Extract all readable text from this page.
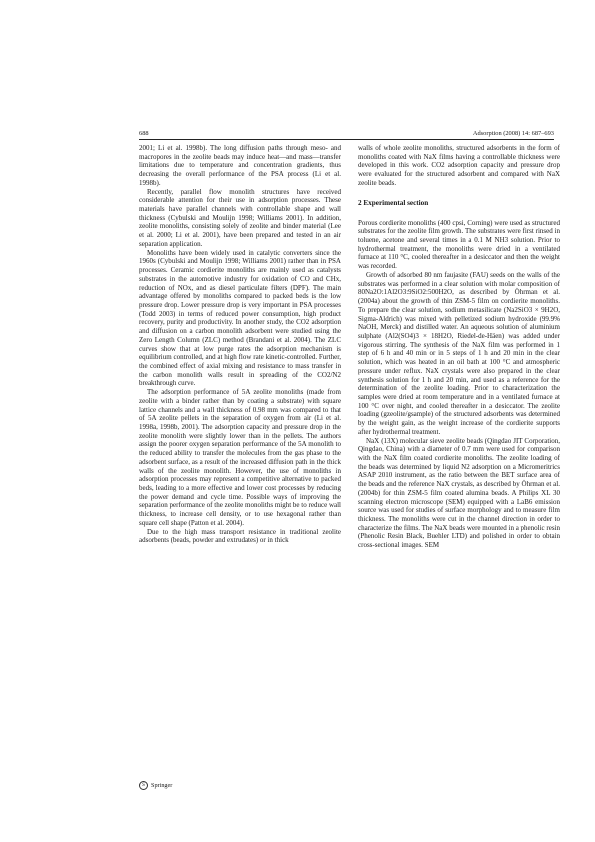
688	Adsorption (2008) 14: 687–693

2001; Li et al. 1998b). The long diffusion paths through meso- and macropores in the zeolite beads may induce heat—and mass—transfer limitations due to temperature and concentration gradients, thus decreasing the overall performance of the PSA process (Li et al. 1998b).

Recently, parallel flow monolith structures have received considerable attention for their use in adsorption processes. These materials have parallel channels with controllable shape and wall thickness (Cybulski and Moulijn 1998; Williams 2001). In addition, zeolite monoliths, consisting solely of zeolite and binder material (Lee et al. 2000; Li et al. 2001), have been prepared and tested in an air separation application.

Monoliths have been widely used in catalytic converters since the 1960s (Cybulski and Moulijn 1998; Williams 2001) rather than in PSA processes. Ceramic cordierite monoliths are mainly used as catalysts substrates in the automotive industry for oxidation of CO and CHx, reduction of NOx, and as diesel particulate filters (DPF). The main advantage offered by monoliths compared to packed beds is the low pressure drop. Lower pressure drop is very important in PSA processes (Todd 2003) in terms of reduced power consumption, high product recovery, purity and productivity. In another study, the CO2 adsorption and diffusion on a carbon monolith adsorbent were studied using the Zero Length Column (ZLC) method (Brandani et al. 2004). The ZLC curves show that at low purge rates the adsorption mechanism is equilibrium controlled, and at high flow rate kinetic-controlled. Further, the combined effect of axial mixing and resistance to mass transfer in the carbon monolith walls result in spreading of the CO2/N2 breakthrough curve.

The adsorption performance of 5A zeolite monoliths (made from zeolite with a binder rather than by coating a substrate) with square lattice channels and a wall thickness of 0.98 mm was compared to that of 5A zeolite pellets in the separation of oxygen from air (Li et al. 1998a, 1998b, 2001). The adsorption capacity and pressure drop in the zeolite monolith were slightly lower than in the pellets. The authors assign the poorer oxygen separation performance of the 5A monolith to the reduced ability to transfer the molecules from the gas phase to the adsorbent surface, as a result of the increased diffusion path in the thick walls of the zeolite monolith. However, the use of monoliths in adsorption processes may represent a competitive alternative to packed beds, leading to a more effective and lower cost processes by reducing the power demand and cycle time. Possible ways of improving the separation performance of the zeolite monoliths might be to reduce wall thickness, to increase cell density, or to use hexagonal rather than square cell shape (Patton et al. 2004).

Due to the high mass transport resistance in traditional zeolite adsorbents (beads, powder and extrudates) or in thick

walls of whole zeolite monoliths, structured adsorbents in the form of monoliths coated with NaX films having a controllable thickness were developed in this work. CO2 adsorption capacity and pressure drop were evaluated for the structured adsorbent and compared with NaX zeolite beads.

2 Experimental section

Porous cordierite monoliths (400 cpsi, Corning) were used as structured substrates for the zeolite film growth. The substrates were first rinsed in toluene, acetone and several times in a 0.1 M NH3 solution. Prior to hydrothermal treatment, the monoliths were dried in a ventilated furnace at 110 °C, cooled thereafter in a desiccator and then the weight was recorded.

Growth of adsorbed 80 nm faujasite (FAU) seeds on the walls of the substrates was performed in a clear solution with molar composition of 80Na2O:1Al2O3:9SiO2:500H2O, as described by Öhrman et al. (2004a) about the growth of thin ZSM-5 film on cordierite monoliths. To prepare the clear solution, sodium metasilicate (Na2SiO3 × 9H2O, Sigma-Aldrich) was mixed with pelletized sodium hydroxide (99.9% NaOH, Merck) and distilled water. An aqueous solution of aluminium sulphate (Al2(SO4)3 × 18H2O, Riedel-de-Häen) was added under vigorous stirring. The synthesis of the NaX film was performed in 1 step of 6 h and 40 min or in 5 steps of 1 h and 20 min in the clear solution, which was heated in an oil bath at 100 °C and atmospheric pressure under reflux. NaX crystals were also prepared in the clear synthesis solution for 1 h and 20 min, and used as a reference for the determination of the zeolite loading. Prior to characterization the samples were dried at room temperature and in a ventilated furnace at 100 °C over night, and cooled thereafter in a desiccator. The zeolite loading (gzeolite/gsample) of the structured adsorbents was determined by the weight gain, as the weight increase of the cordierite supports after hydrothermal treatment.

NaX (13X) molecular sieve zeolite beads (Qingdao JIT Corporation, Qingdao, China) with a diameter of 0.7 mm were used for comparison with the NaX film coated cordierite monoliths. The zeolite loading of the beads was determined by liquid N2 adsorption on a Micromeritrics ASAP 2010 instrument, as the ratio between the BET surface area of the beads and the reference NaX crystals, as described by Öhrman et al. (2004b) for thin ZSM-5 film coated alumina beads. A Philips XL 30 scanning electron microscope (SEM) equipped with a LaB6 emission source was used for studies of surface morphology and to measure film thickness. The monoliths were cut in the channel direction in order to characterize the films. The NaX beads were mounted in a phenolic resin (Phenolic Resin Black, Buehler LTD) and polished in order to obtain cross-sectional images. SEM

S Springer
